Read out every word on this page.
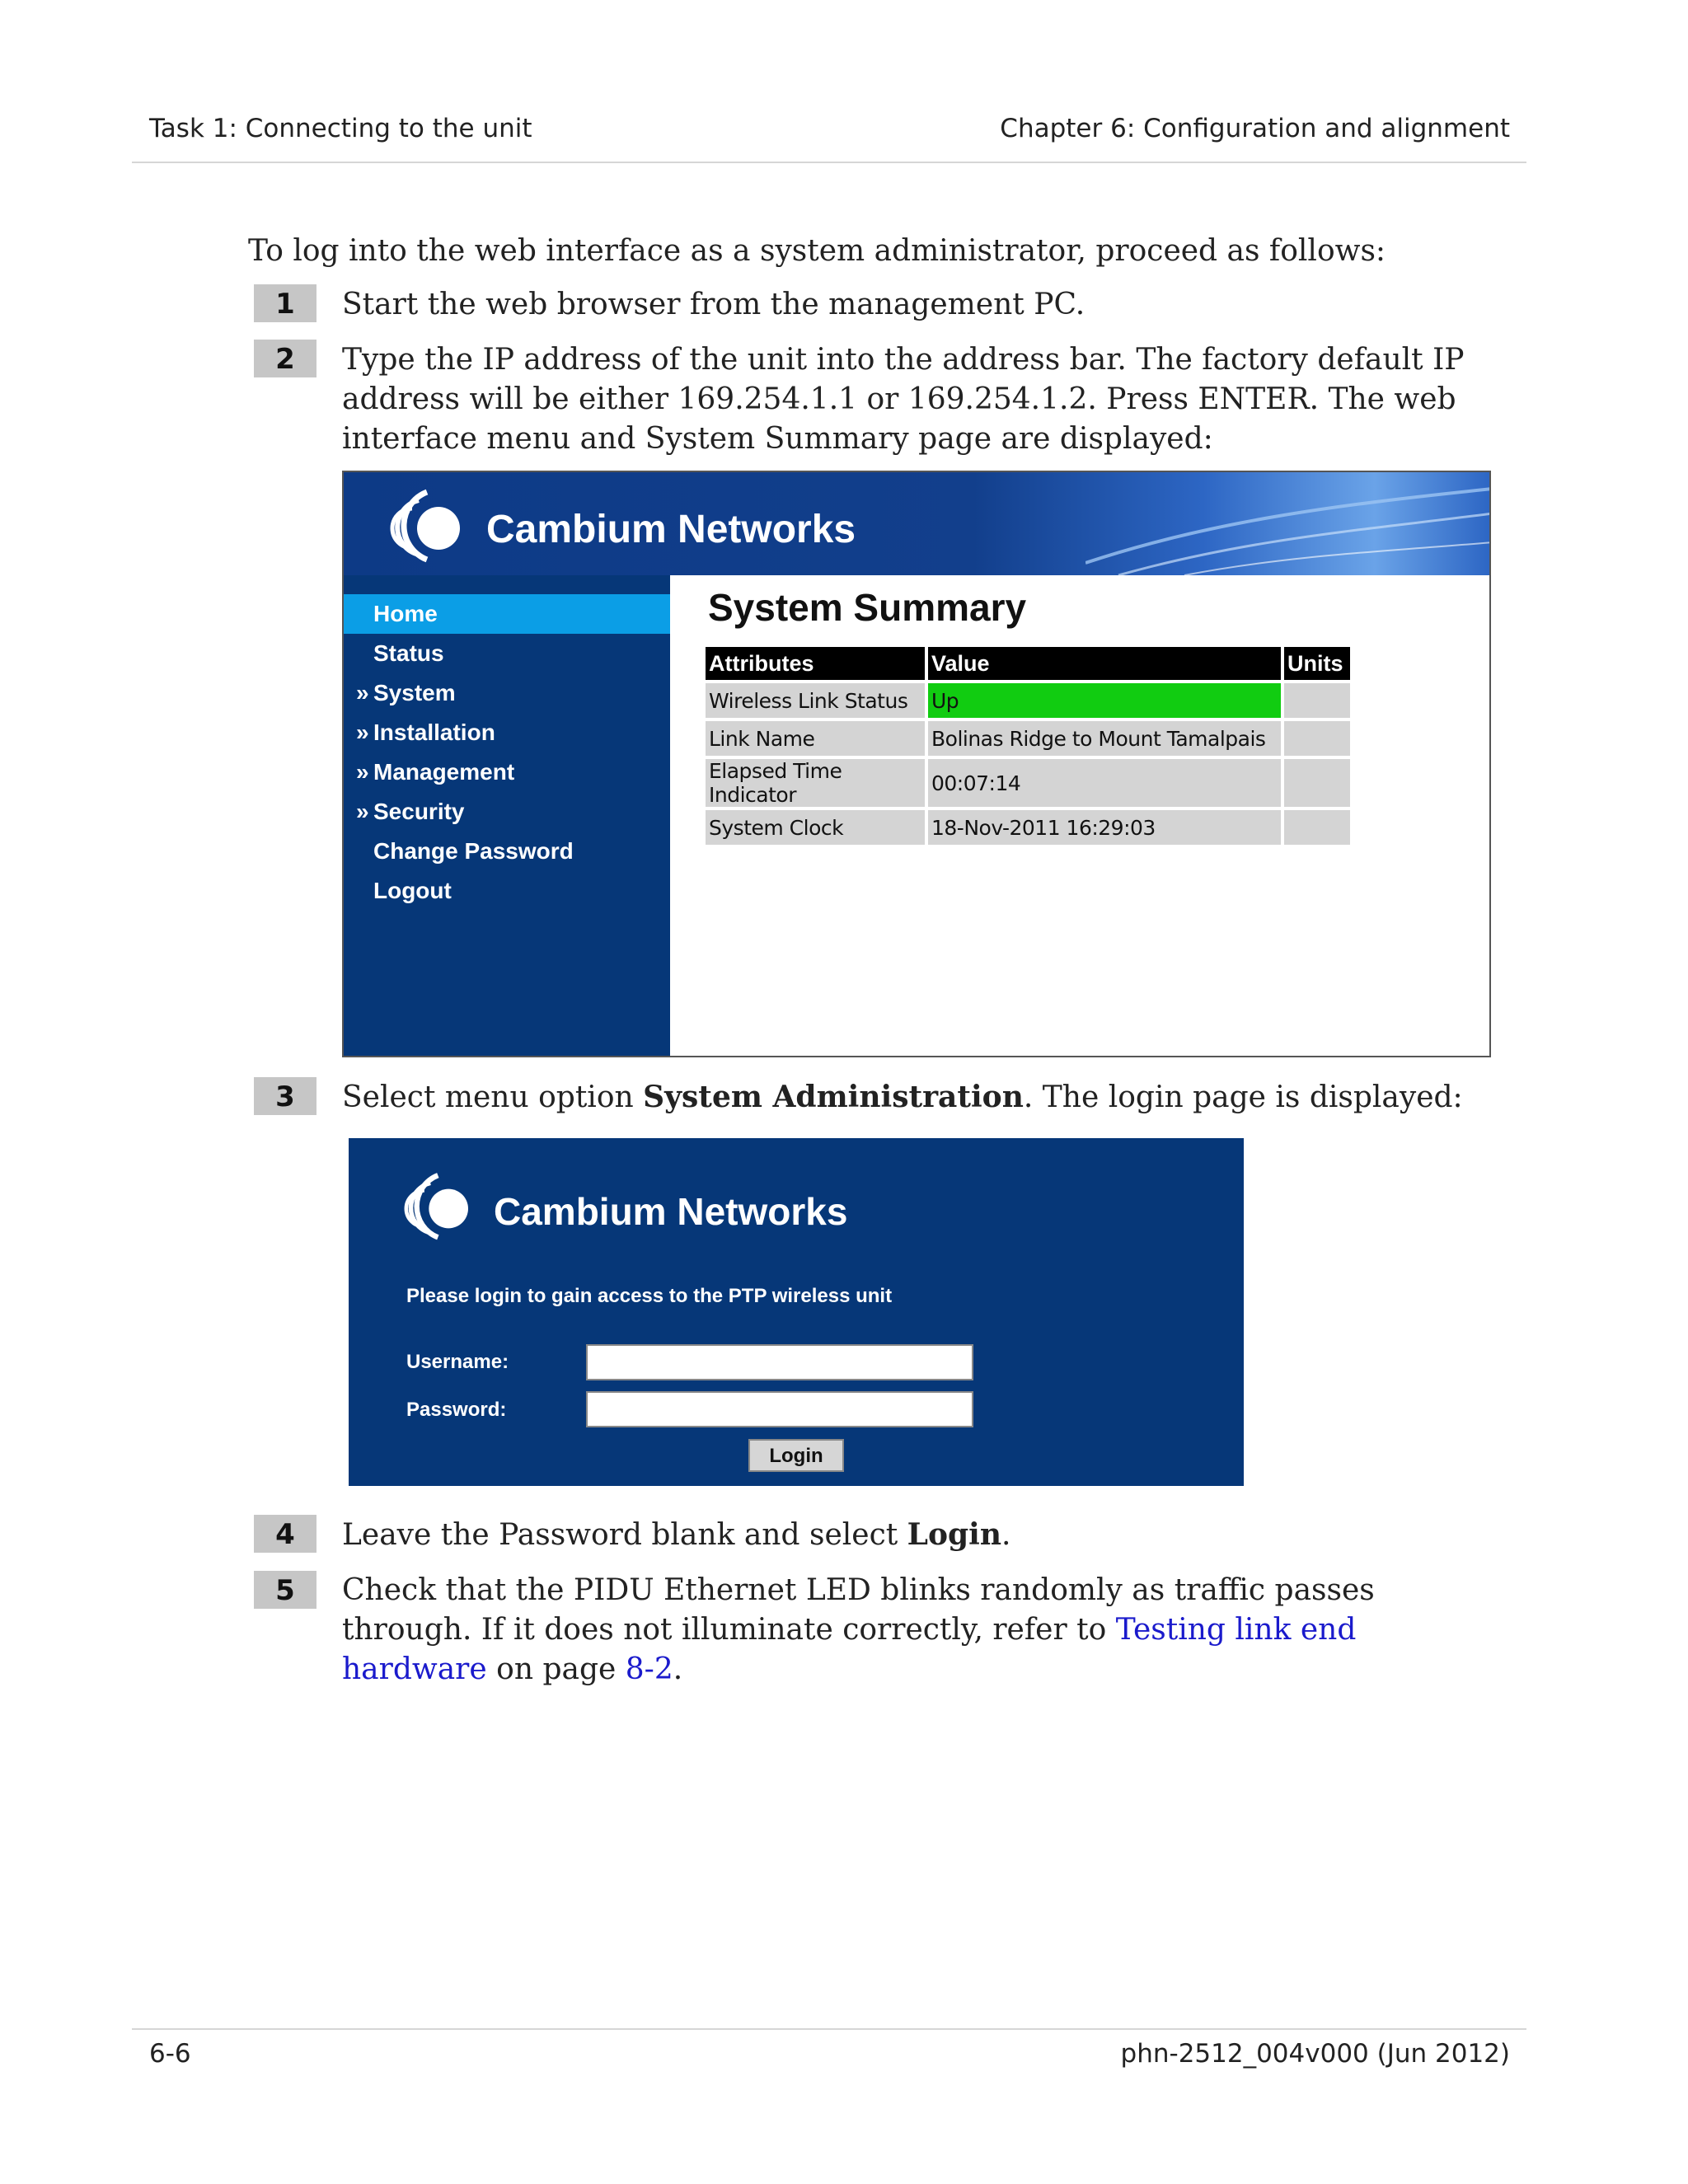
Task 1: Connecting to the unit	Chapter 6: Configuration and alignment
To log into the web interface as a system administrator, proceed as follows:
1	Start the web browser from the management PC.
2	Type the IP address of the unit into the address bar. The factory default IP address will be either 169.254.1.1 or 169.254.1.2. Press ENTER. The web interface menu and System Summary page are displayed:
Cambium Networks
Home
Status
» System
» Installation
» Management
» Security
Change Password
Logout
System Summary
Attributes	Value	Units
Wireless Link Status	Up	
Link Name	Bolinas Ridge to Mount Tamalpais	
Elapsed Time Indicator	00:07:14	
System Clock	18-Nov-2011 16:29:03	
3	Select menu option System Administration. The login page is displayed:
Cambium Networks
Please login to gain access to the PTP wireless unit
Username:
Password:
Login
4	Leave the Password blank and select Login.
5	Check that the PIDU Ethernet LED blinks randomly as traffic passes through. If it does not illuminate correctly, refer to Testing link end hardware on page 8-2.
6-6	phn-2512_004v000 (Jun 2012)
